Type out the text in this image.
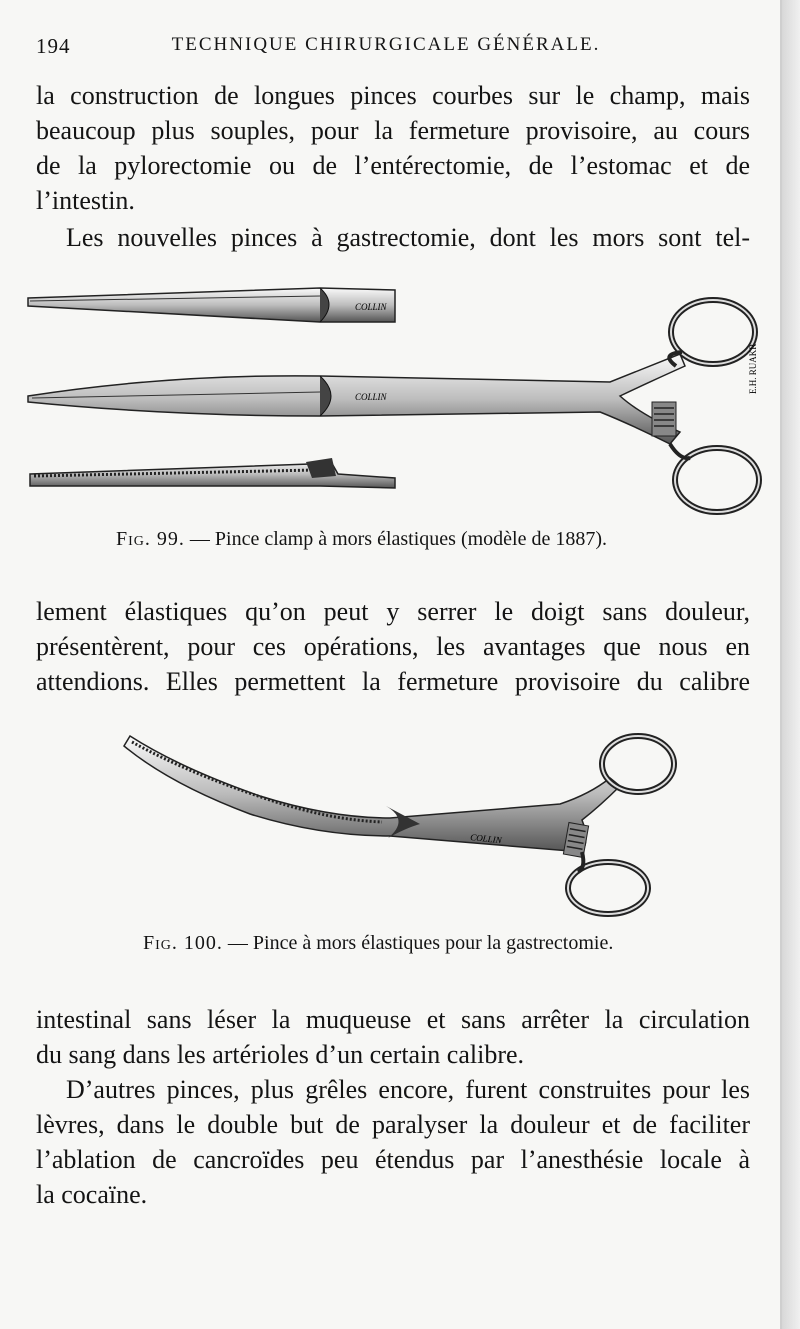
194	TECHNIQUE CHIRURGICALE GÉNÉRALE.
la construction de longues pinces courbes sur le champ, mais
beaucoup plus souples, pour la fermeture provisoire, au cours
de la pylorectomie ou de l’entérectomie, de l’estomac et de
l’intestin.
Les nouvelles pinces à gastrectomie, dont les mors sont tel-
COLLIN
COLLIN
E.H. RUAKR
Fig. 99. — Pince clamp à mors élastiques (modèle de 1887).
lement élastiques qu’on peut y serrer le doigt sans douleur,
présentèrent, pour ces opérations, les avantages que nous en
attendions. Elles permettent la fermeture provisoire du calibre
COLLIN
Fig. 100. — Pince à mors élastiques pour la gastrectomie.
intestinal sans léser la muqueuse et sans arrêter la circulation
du sang dans les artérioles d’un certain calibre.
D’autres pinces, plus grêles encore, furent construites pour les
lèvres, dans le double but de paralyser la douleur et de faciliter
l’ablation de cancroïdes peu étendus par l’anesthésie locale à
la cocaïne.
